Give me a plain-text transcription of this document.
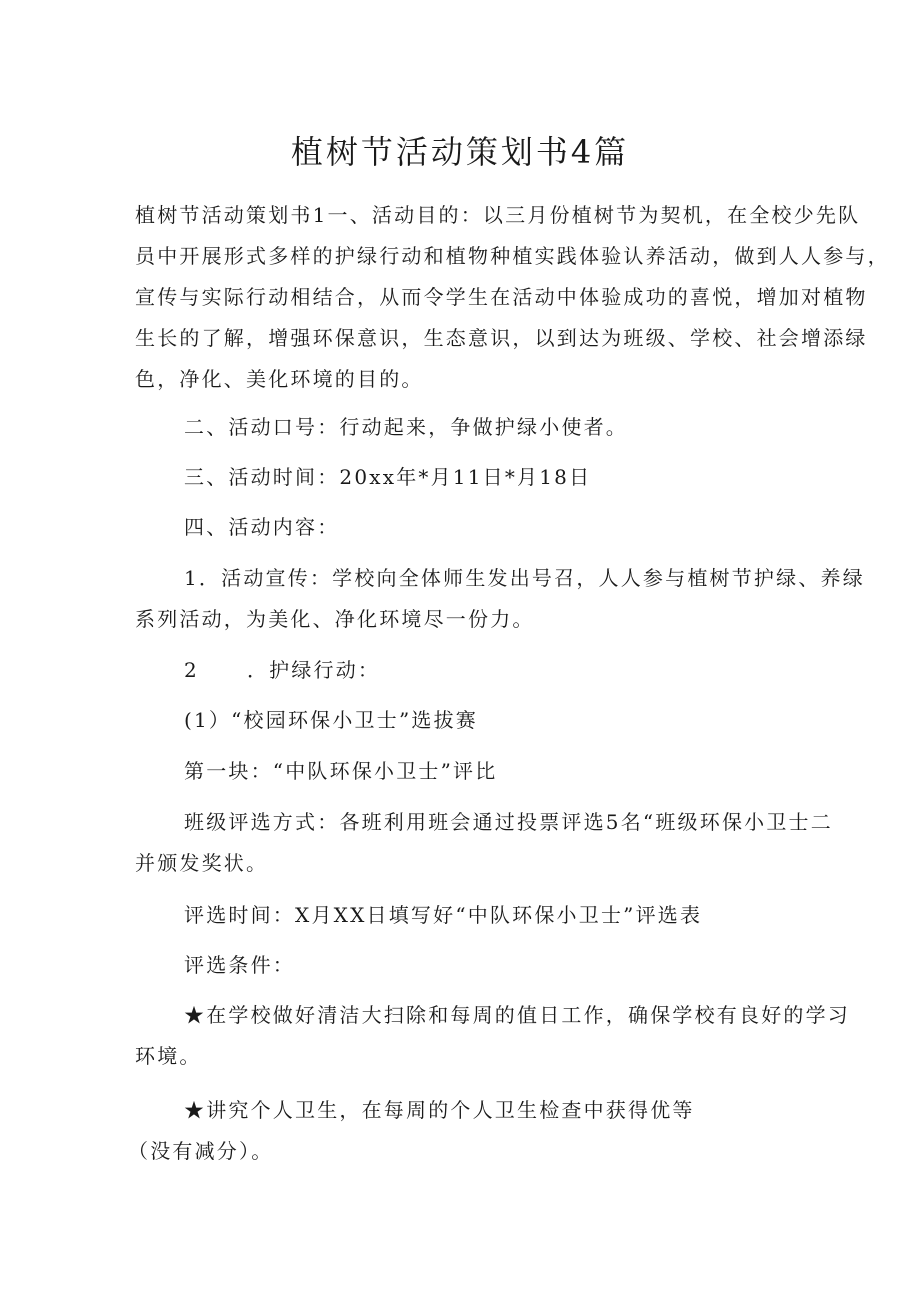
植树节活动策划书4篇
植树节活动策划书1一、活动目的：以三月份植树节为契机，在全校少先队
员中开展形式多样的护绿行动和植物种植实践体验认养活动，做到人人参与，
宣传与实际行动相结合，从而令学生在活动中体验成功的喜悦，增加对植物
生长的了解，增强环保意识，生态意识，以到达为班级、学校、社会增添绿
色，净化、美化环境的目的。

二、活动口号：行动起来，争做护绿小使者。

三、活动时间：20xx年*月11日*月18日

四、活动内容：

1．活动宣传：学校向全体师生发出号召，人人参与植树节护绿、养绿
系列活动，为美化、净化环境尽一份力。

2 ．护绿行动：

(1）“校园环保小卫士”选拔赛

第一块：“中队环保小卫士”评比

班级评选方式：各班利用班会通过投票评选5名“班级环保小卫士二
并颁发奖状。

评选时间：X月XX日填写好“中队环保小卫士”评选表

评选条件：

★在学校做好清洁大扫除和每周的值日工作，确保学校有良好的学习
环境。
★讲究个人卫生，在每周的个人卫生检查中获得优等
（没有减分）。
